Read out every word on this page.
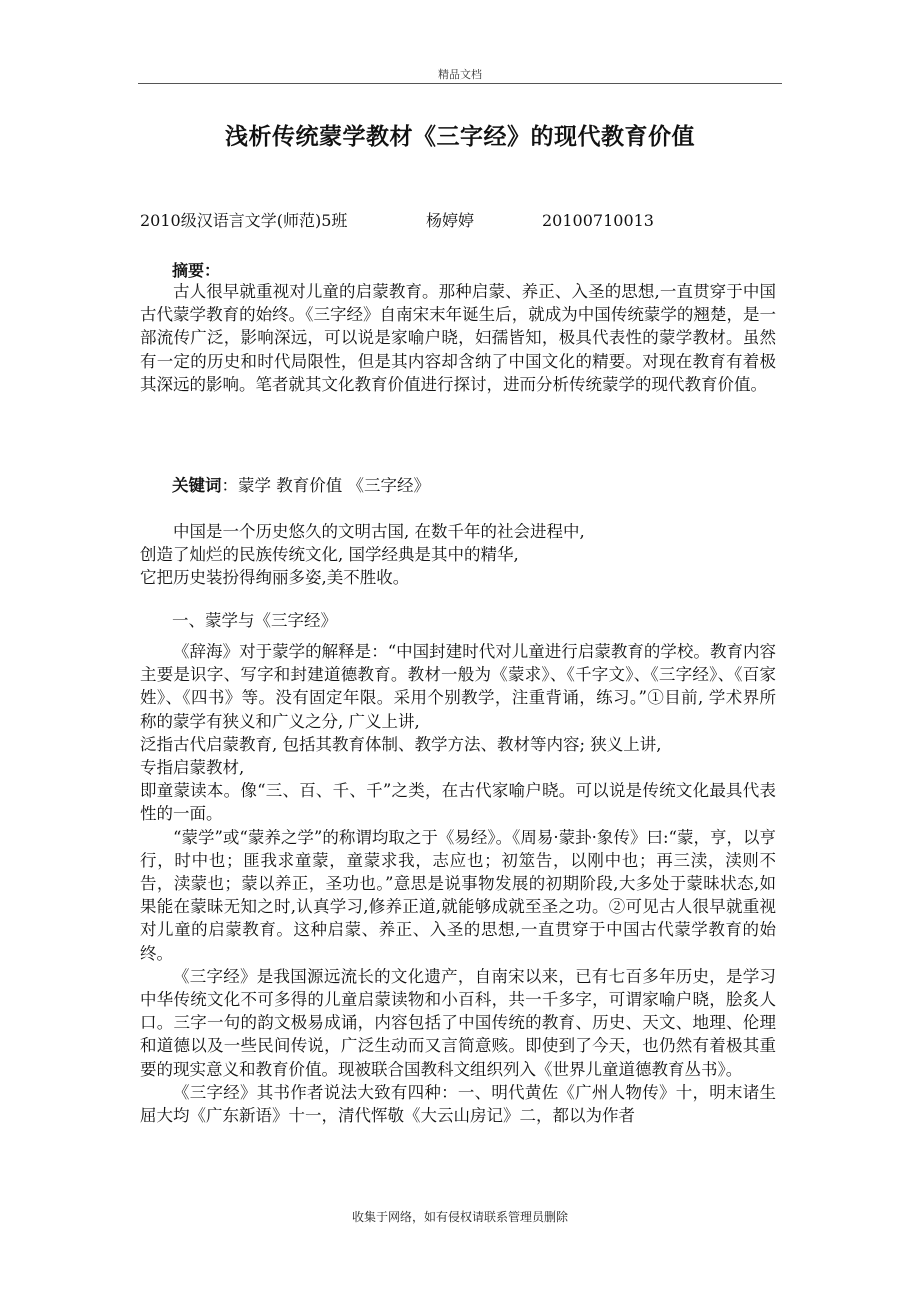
精品文档
浅析传统蒙学教材《三字经》的现代教育价值
2010级汉语言文学(师范)5班	杨婷婷	20100710013
摘要：

古人很早就重视对儿童的启蒙教育。那种启蒙、养正、入圣的思想,一直贯穿于中国古代蒙学教育的始终。《三字经》自南宋末年诞生后，就成为中国传统蒙学的翘楚，是一部流传广泛，影响深远，可以说是家喻户晓，妇孺皆知，极具代表性的蒙学教材。虽然有一定的历史和时代局限性，但是其内容却含纳了中国文化的精要。对现在教育有着极其深远的影响。笔者就其文化教育价值进行探讨，进而分析传统蒙学的现代教育价值。

关键词：蒙学 教育价值 《三字经》

中国是一个历史悠久的文明古国, 在数千年的社会进程中,

创造了灿烂的民族传统文化, 国学经典是其中的精华,

它把历史装扮得绚丽多姿,美不胜收。

一、蒙学与《三字经》

《辞海》对于蒙学的解释是：“中国封建时代对儿童进行启蒙教育的学校。教育内容主要是识字、写字和封建道德教育。教材一般为《蒙求》、《千字文》、《三字经》、《百家姓》、《四书》等。没有固定年限。采用个别教学，注重背诵，练习。”①目前, 学术界所称的蒙学有狭义和广义之分, 广义上讲,

泛指古代启蒙教育, 包括其教育体制、教学方法、教材等内容; 狭义上讲,

专指启蒙教材,

即童蒙读本。像“三、百、千、千”之类，在古代家喻户晓。可以说是传统文化最具代表性的一面。

“蒙学”或“蒙养之学”的称谓均取之于《易经》。《周易·蒙卦·象传》曰:“蒙，亨，以亨行，时中也；匪我求童蒙，童蒙求我，志应也；初筮告，以刚中也；再三渎，渎则不告，渎蒙也；蒙以养正，圣功也。”意思是说事物发展的初期阶段,大多处于蒙昧状态,如果能在蒙昧无知之时,认真学习,修养正道,就能够成就至圣之功。②可见古人很早就重视对儿童的启蒙教育。这种启蒙、养正、入圣的思想,一直贯穿于中国古代蒙学教育的始终。

《三字经》是我国源远流长的文化遗产，自南宋以来，已有七百多年历史，是学习中华传统文化不可多得的儿童启蒙读物和小百科，共一千多字，可谓家喻户晓，脍炙人口。三字一句的韵文极易成诵，内容包括了中国传统的教育、历史、天文、地理、伦理和道德以及一些民间传说，广泛生动而又言简意赅。即使到了今天，也仍然有着极其重要的现实意义和教育价值。现被联合国教科文组织列入《世界儿童道德教育丛书》。

《三字经》其书作者说法大致有四种：一、明代黄佐《广州人物传》十，明末诸生屈大均《广东新语》十一，清代恽敬《大云山房记》二，都以为作者

收集于网络，如有侵权请联系管理员删除
